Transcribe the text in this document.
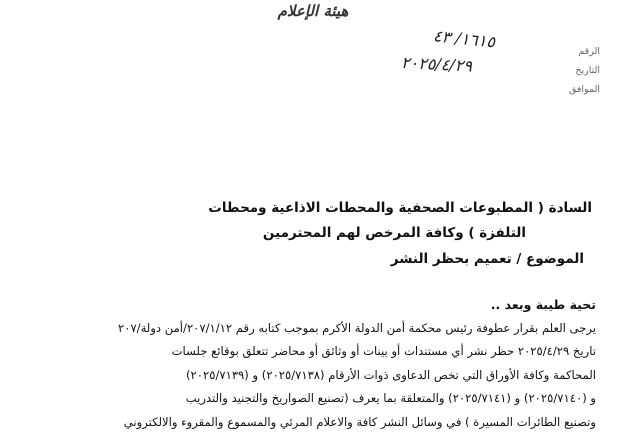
هيئة الإعلام
الرقم
التاريخ
الموافق
١٦١٥/ ٤٣
٢٠٢٥/٤/٢٩
السادة ( المطبوعات الصحفية والمحطات الاذاعية ومحطات
التلفزة ) وكافة المرخص لهم المحترمين
الموضوع / تعميم بحظر النشر
تحية طيبة وبعد ..
يرجى العلم بقرار عطوفة رئيس محكمة أمن الدولة الأكرم بموجب كتابه رقم ٢٠٧/١/١٢/أمن دولة/٢٠٧
تاريخ ٢٠٢٥/٤/٢٩ حظر نشر أي مستندات أو بينات أو وثائق أو محاضر تتعلق بوقائع جلسات
المحاكمة وكافة الأوراق التي تخص الدعاوى ذوات الأرقام (٢٠٢٥/٧١٣٨) و (٢٠٢٥/٧١٣٩)
و (٢٠٢٥/٧١٤٠) و (٢٠٢٥/٧١٤١) والمتعلقة بما يعرف (تصنيع الصواريخ والتجنيد والتدريب
وتصنيع الطائرات المسيرة ) في وسائل النشر كافة والاعلام المرئي والمسموع والمقروء والالكتروني
